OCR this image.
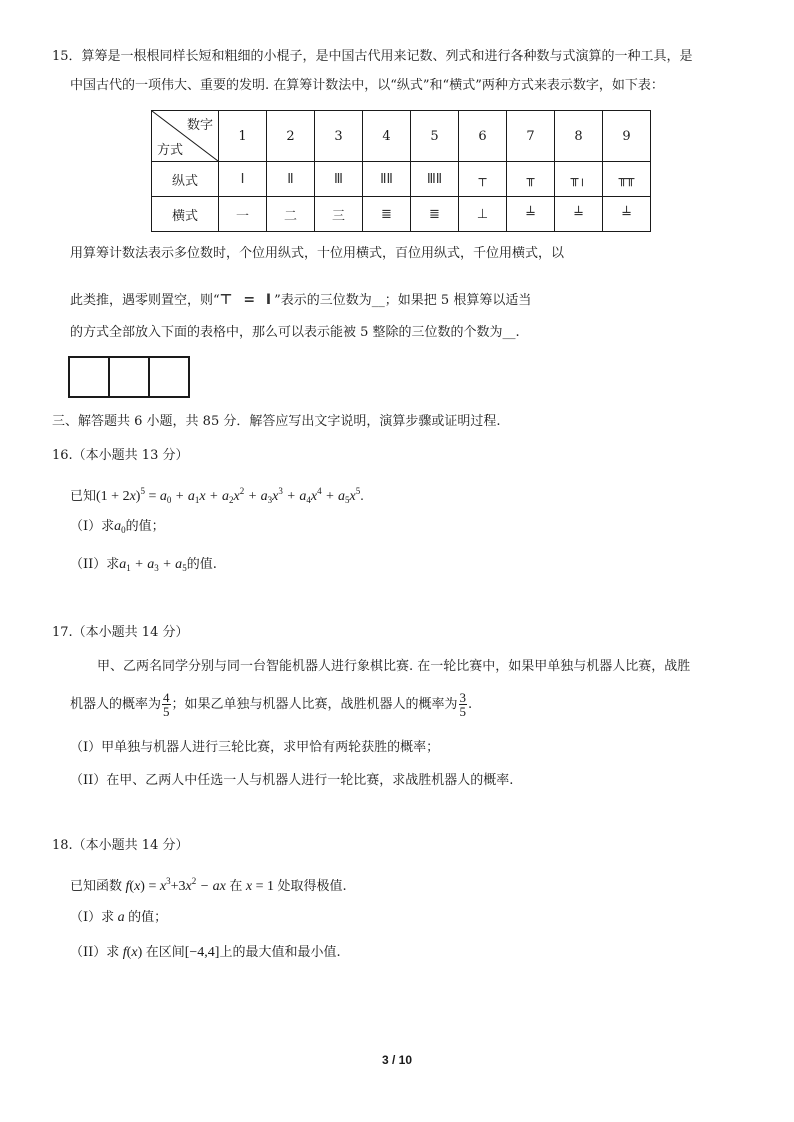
15．算筹是一根根同样长短和粗细的小棍子，是中国古代用来记数、列式和进行各种数与式演算的一种工具，是
中国古代的一项伟大、重要的发明. 在算筹计数法中，以“纵式”和“横式”两种方式来表示数字，如下表：
数字
方式	1	2	3	4	5	6	7	8	9
纵式	Ⅰ	Ⅱ	Ⅲ	ⅡⅡ	ⅢⅡ	┬	╥	╥╷	╥╥
横式	一	二	三	≣	≣	⊥	╧	╧	╧
用算筹计数法表示多位数时，个位用纵式，十位用横式，百位用纵式，千位用横式，以
此类推，遇零则置空，则“⊤ = Ⅰ”表示的三位数为__；如果把 5 根算筹以适当
的方式全部放入下面的表格中，那么可以表示能被 5 整除的三位数的个数为__.
三、解答题共 6 小题，共 85 分．解答应写出文字说明，演算步骤或证明过程.
16.（本小题共 13 分）
已知$(1 + 2x)^5 = a_0 + a_1x + a_2x^2 + a_3x^3 + a_4x^4 + a_5x^5$.
（I）求$a_0$的值；
（II）求$a_1 + a_3 + a_5$的值.
17.（本小题共 14 分）
甲、乙两名同学分别与同一台智能机器人进行象棋比赛. 在一轮比赛中，如果甲单独与机器人比赛，战胜
机器人的概率为 $\frac{4}{5}$ ；如果乙单独与机器人比赛，战胜机器人的概率为 $\frac{3}{5}$ .
（I）甲单独与机器人进行三轮比赛，求甲恰有两轮获胜的概率；
（II）在甲、乙两人中任选一人与机器人进行一轮比赛，求战胜机器人的概率.
18.（本小题共 14 分）
已知函数 $f(x) = x^3+3x^2$ − ax 在 x = 1 处取得极值.
（I）求 a 的值；
（II）求 f(x) 在区间[−4,4]上的最大值和最小值.
3 / 10
